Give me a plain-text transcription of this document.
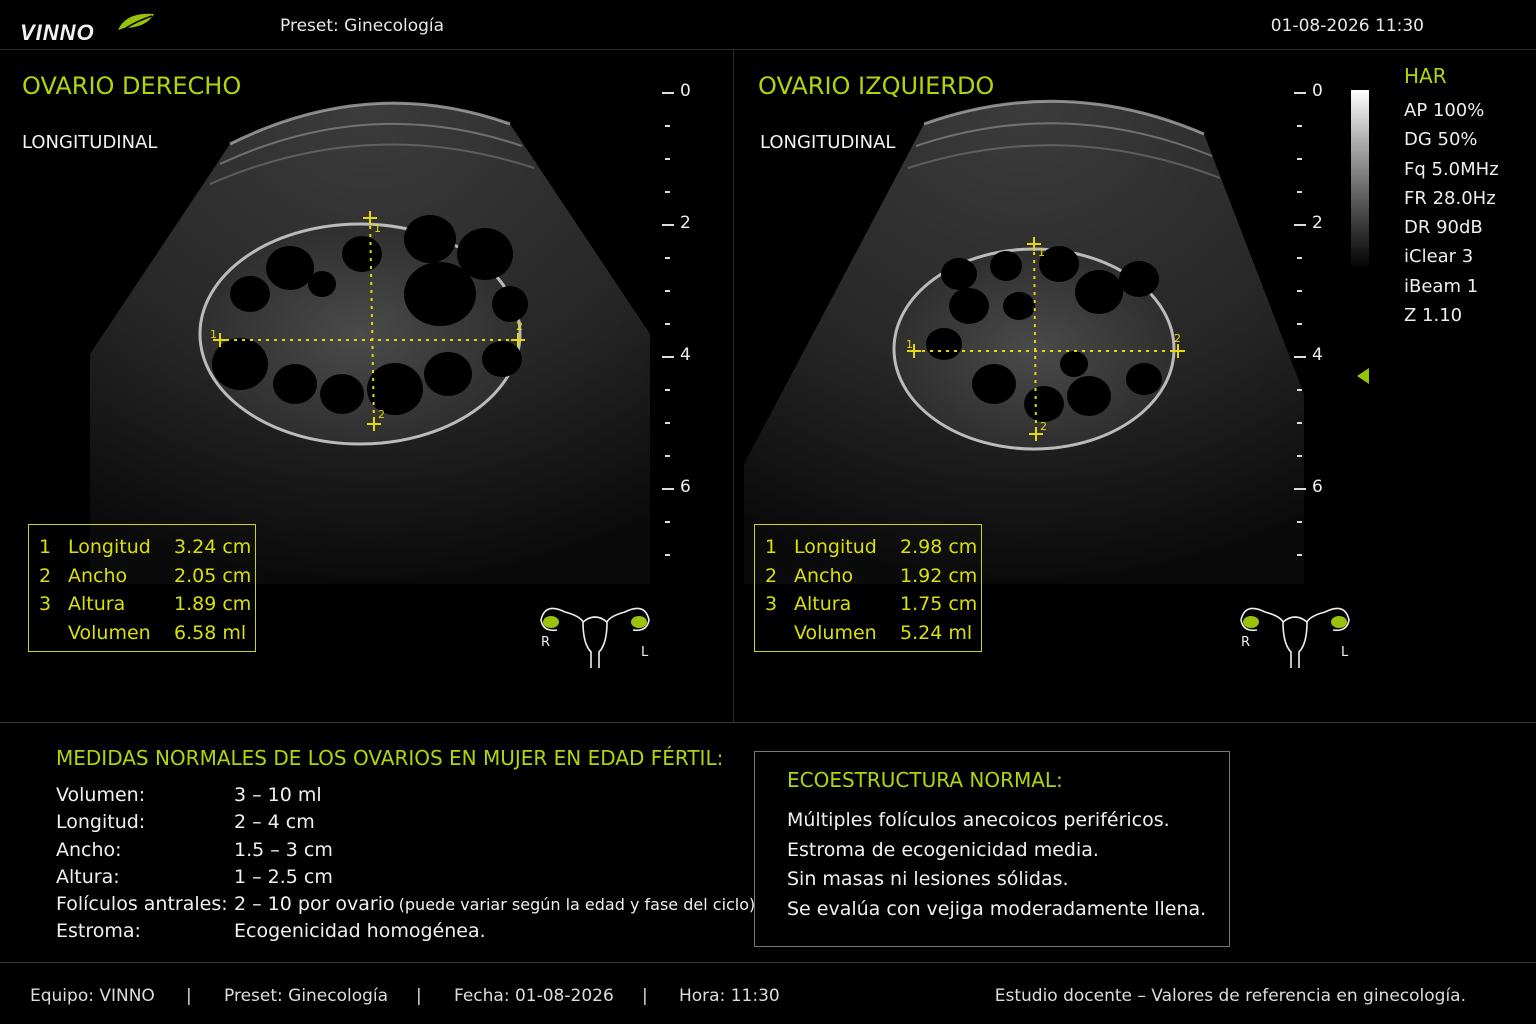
VINNO	Preset: Ginecología	01-08-2026 11:30
OVARIO DERECHO
LONGITUDINAL
1
2
1
2
0
2
4
6
1 Longitud	3.24 cm
2 Ancho	2.05 cm
3 Altura	1.89 cm
Volumen	6.58 ml	R
L
OVARIO IZQUIERDO
LONGITUDINAL
1	2
1
2
0
2
4
6
1 Longitud	2.98 cm
2 Ancho	1.92 cm
3 Altura	1.75 cm
Volumen	5.24 ml	R
L
HAR
AP 100%
DG 50%
Fq 5.0MHz
FR 28.0Hz
DR 90dB
iClear 3
iBeam 1
Z 1.10
MEDIDAS NORMALES DE LOS OVARIOS EN MUJER EN EDAD FÉRTIL:
Volumen:	3 – 10 ml
Longitud:	2 – 4 cm
Ancho:	1.5 – 3 cm
Altura:	1 – 2.5 cm
Folículos antrales: 2 – 10 por ovario (puede variar según la edad y fase del ciclo)
Estroma:	Ecogenicidad homogénea.
ECOESTRUCTURA NORMAL:
Múltiples folículos anecoicos periféricos.
Estroma de ecogenicidad media.
Sin masas ni lesiones sólidas.
Se evalúa con vejiga moderadamente llena.
Equipo: VINNO | Preset: Ginecología | Fecha: 01-08-2026 | Hora: 11:30	Estudio docente – Valores de referencia en ginecología.
